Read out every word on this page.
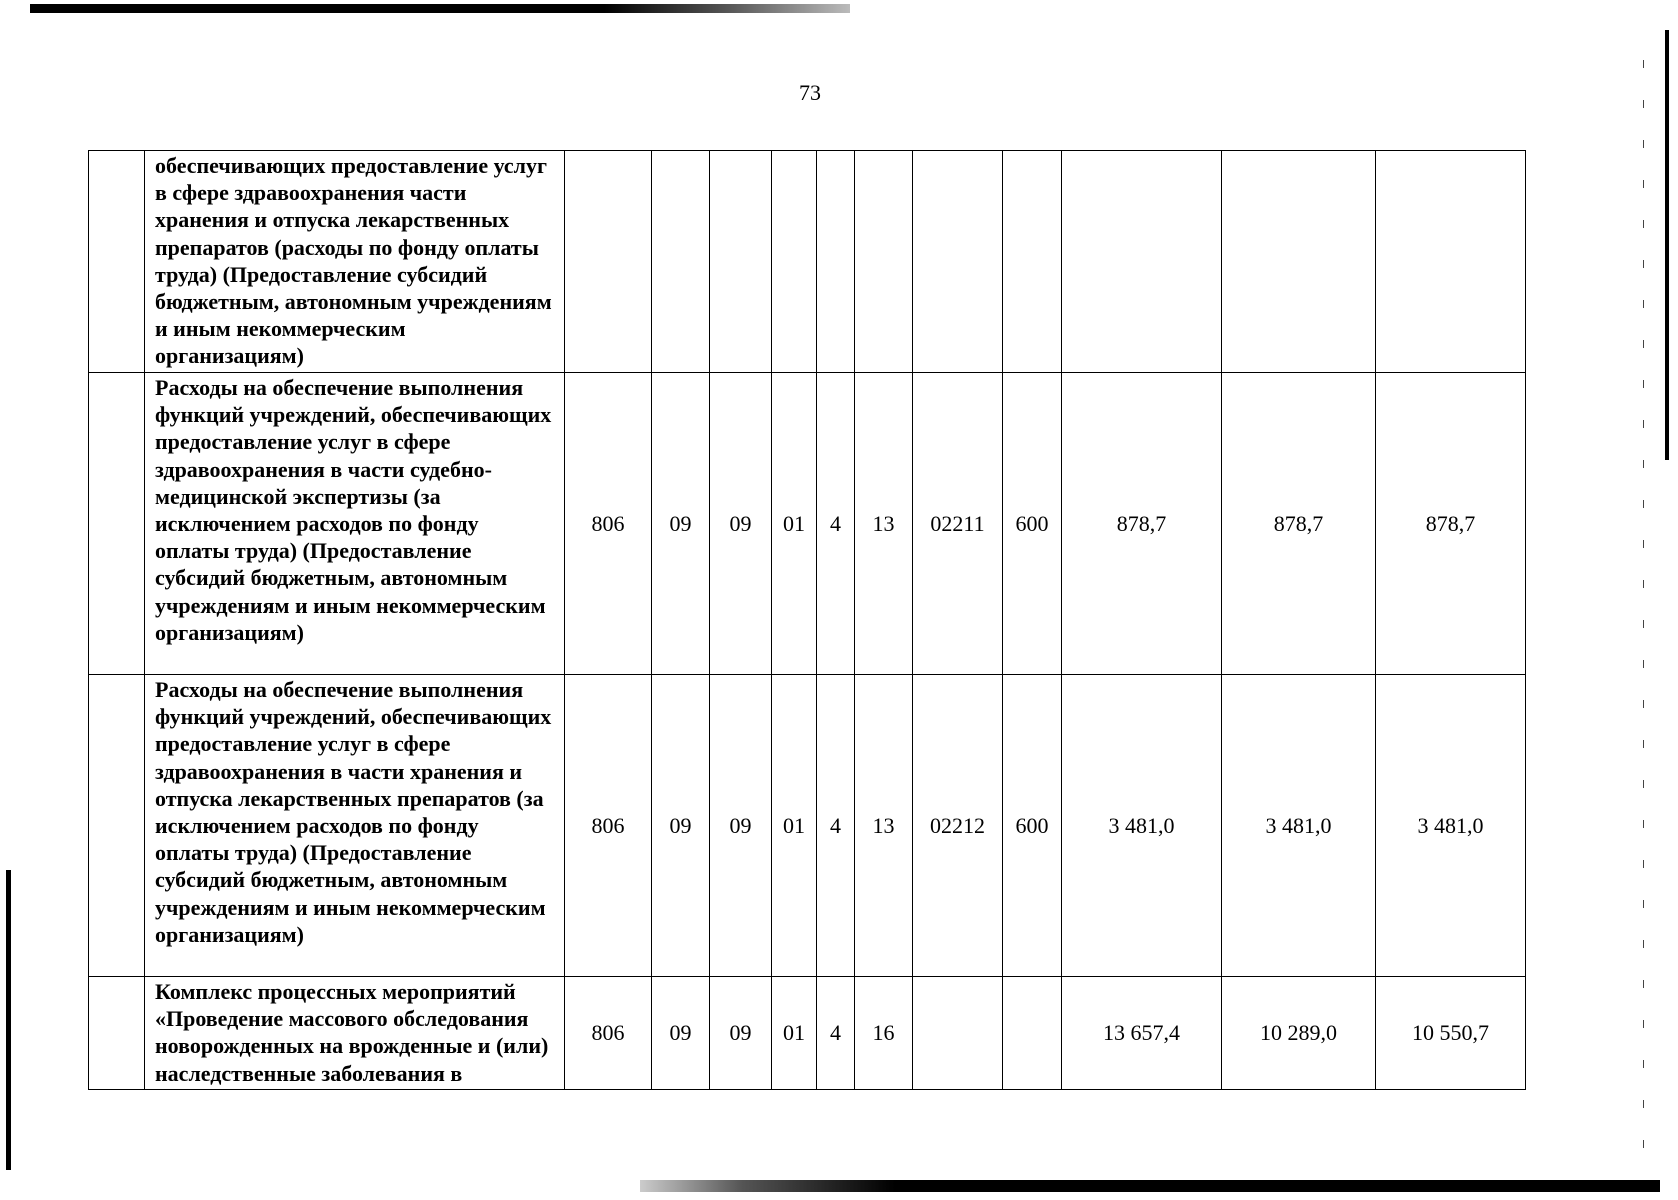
73
	обеспечивающих предоставление услуг в сфере здравоохранения части хранения и отпуска лекарственных препаратов (расходы по фонду оплаты труда) (Предоставление субсидий бюджетным, автономным учреждениям и иным некоммерческим организациям)											
	Расходы на обеспечение выполнения функций учреждений, обеспечивающих предоставление услуг в сфере здравоохранения в части судебно-медицинской экспертизы (за исключением расходов по фонду оплаты труда) (Предоставление субсидий бюджетным, автономным учреждениям и иным некоммерческим организациям)	806	09	09	01	4	13	02211	600	878,7	878,7	878,7
	Расходы на обеспечение выполнения функций учреждений, обеспечивающих предоставление услуг в сфере здравоохранения в части хранения и отпуска лекарственных препаратов (за исключением расходов по фонду оплаты труда) (Предоставление субсидий бюджетным, автономным учреждениям и иным некоммерческим организациям)	806	09	09	01	4	13	02212	600	3 481,0	3 481,0	3 481,0
	Комплекс процессных мероприятий «Проведение массового обследования новорожденных на врожденные и (или) наследственные заболевания в	806	09	09	01	4	16			13 657,4	10 289,0	10 550,7
